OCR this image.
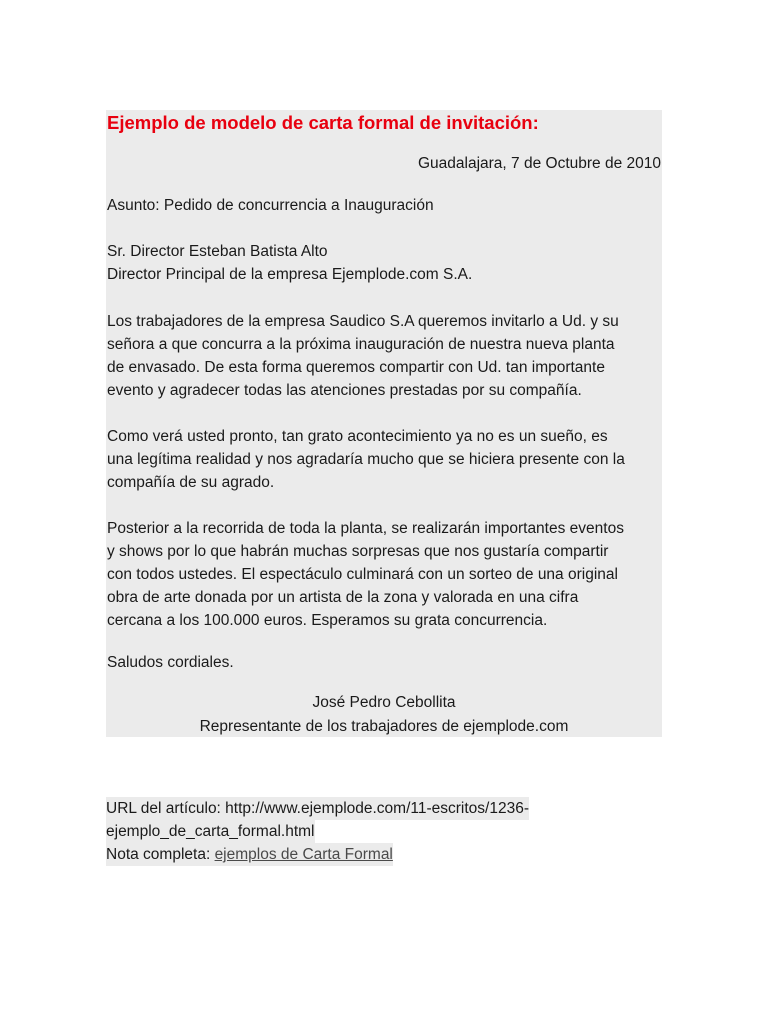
Ejemplo de modelo de carta formal de invitación:
Guadalajara, 7 de Octubre de 2010
Asunto: Pedido de concurrencia a Inauguración
Sr. Director Esteban Batista Alto
Director Principal de la empresa Ejemplode.com S.A.
Los trabajadores de la empresa Saudico S.A queremos invitarlo a Ud. y su
señora a que concurra a la próxima inauguración de nuestra nueva planta
de envasado. De esta forma queremos compartir con Ud. tan importante
evento y agradecer todas las atenciones prestadas por su compañía.
Como verá usted pronto, tan grato acontecimiento ya no es un sueño, es
una legítima realidad y nos agradaría mucho que se hiciera presente con la
compañía de su agrado.
Posterior a la recorrida de toda la planta, se realizarán importantes eventos
y shows por lo que habrán muchas sorpresas que nos gustaría compartir
con todos ustedes. El espectáculo culminará con un sorteo de una original
obra de arte donada por un artista de la zona y valorada en una cifra
cercana a los 100.000 euros. Esperamos su grata concurrencia.
Saludos cordiales.
José Pedro Cebollita
Representante de los trabajadores de ejemplode.com
URL del artículo: http://www.ejemplode.com/11-escritos/1236-
ejemplo_de_carta_formal.html
Nota completa: ejemplos de Carta Formal
